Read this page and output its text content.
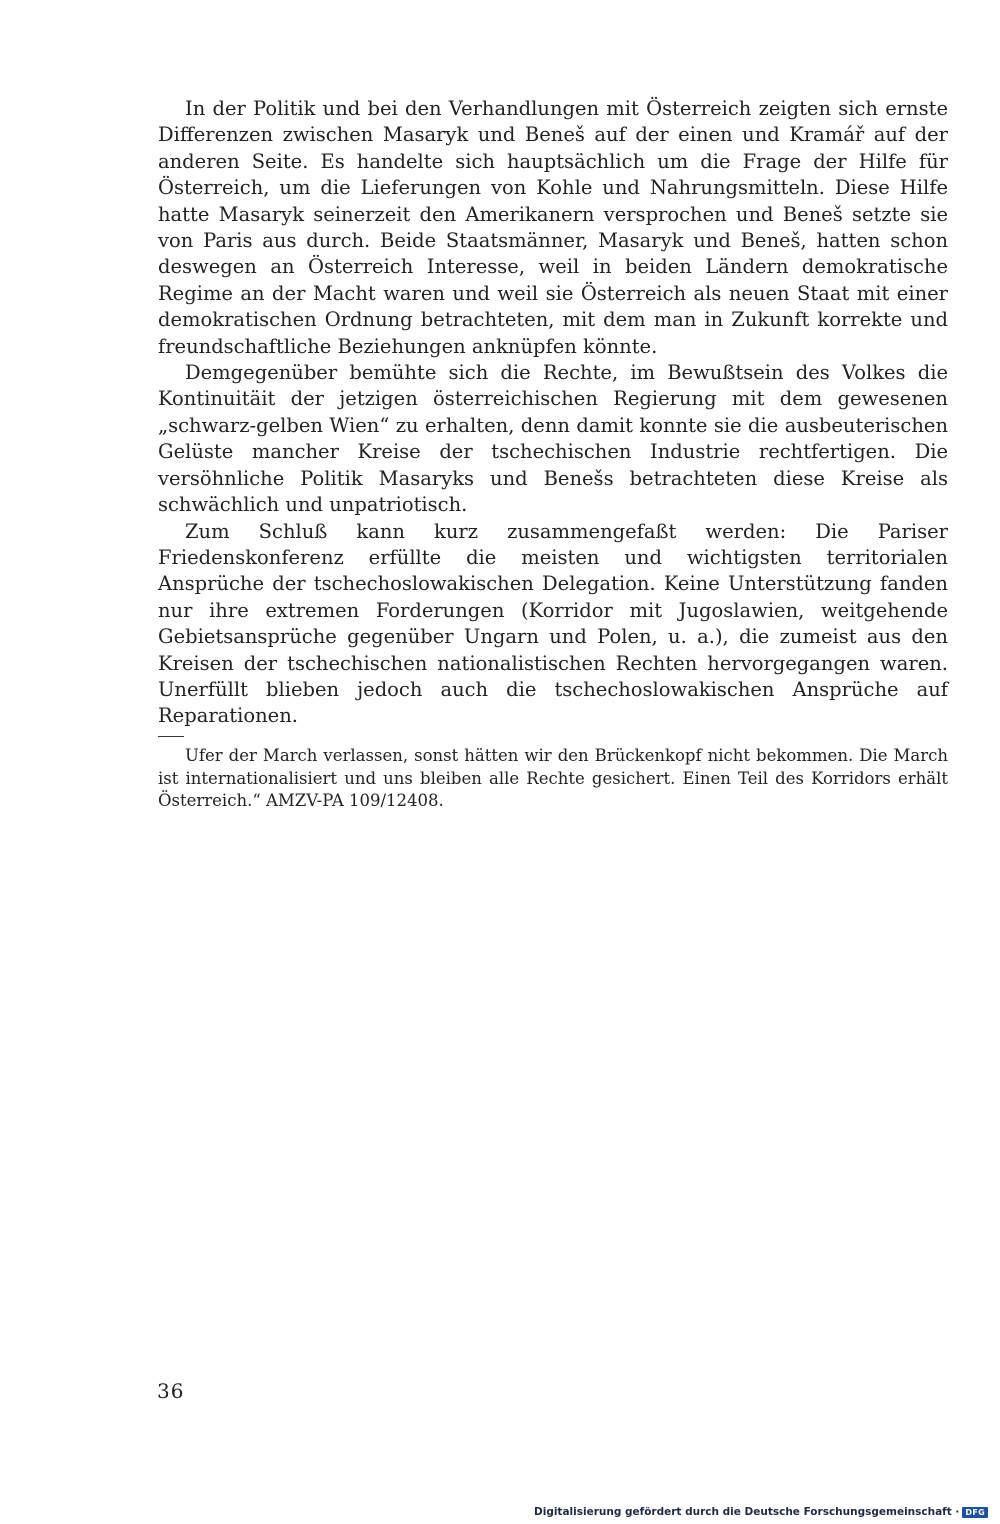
In der Politik und bei den Verhandlungen mit Österreich zeigten sich ernste Differenzen zwischen Masaryk und Beneš auf der einen und Kramář auf der anderen Seite. Es handelte sich hauptsächlich um die Frage der Hilfe für Österreich, um die Lieferungen von Kohle und Nahrungsmitteln. Diese Hilfe hatte Masaryk seinerzeit den Amerikanern versprochen und Beneš setzte sie von Paris aus durch. Beide Staatsmänner, Masaryk und Beneš, hatten schon deswegen an Österreich Interesse, weil in beiden Ländern demokratische Regime an der Macht waren und weil sie Österreich als neuen Staat mit einer demokratischen Ordnung betrachteten, mit dem man in Zukunft korrekte und freundschaftliche Beziehungen anknüpfen könnte.

Demgegenüber bemühte sich die Rechte, im Bewußtsein des Volkes die Kontinuitäit der jetzigen österreichischen Regierung mit dem gewesenen „schwarz-gelben Wien“ zu erhalten, denn damit konnte sie die ausbeuterischen Gelüste mancher Kreise der tschechischen Industrie rechtfertigen. Die versöhnliche Politik Masaryks und Benešs betrachteten diese Kreise als schwächlich und unpatriotisch.

Zum Schluß kann kurz zusammengefaßt werden: Die Pariser Friedenskonferenz erfüllte die meisten und wichtigsten territorialen Ansprüche der tschechoslowakischen Delegation. Keine Unterstützung fanden nur ihre extremen Forderungen (Korridor mit Jugoslawien, weitgehende Gebietsansprüche gegenüber Ungarn und Polen, u. a.), die zumeist aus den Kreisen der tschechischen nationalistischen Rechten hervorgegangen waren. Unerfüllt blieben jedoch auch die tschechoslowakischen Ansprüche auf Reparationen.

Ufer der March verlassen, sonst hätten wir den Brückenkopf nicht bekommen. Die March ist internationalisiert und uns bleiben alle Rechte gesichert. Einen Teil des Korridors erhält Österreich.“ AMZV-PA 109/12408.

36
Digitalisierung gefördert durch die Deutsche Forschungsgemeinschaft · DFG
